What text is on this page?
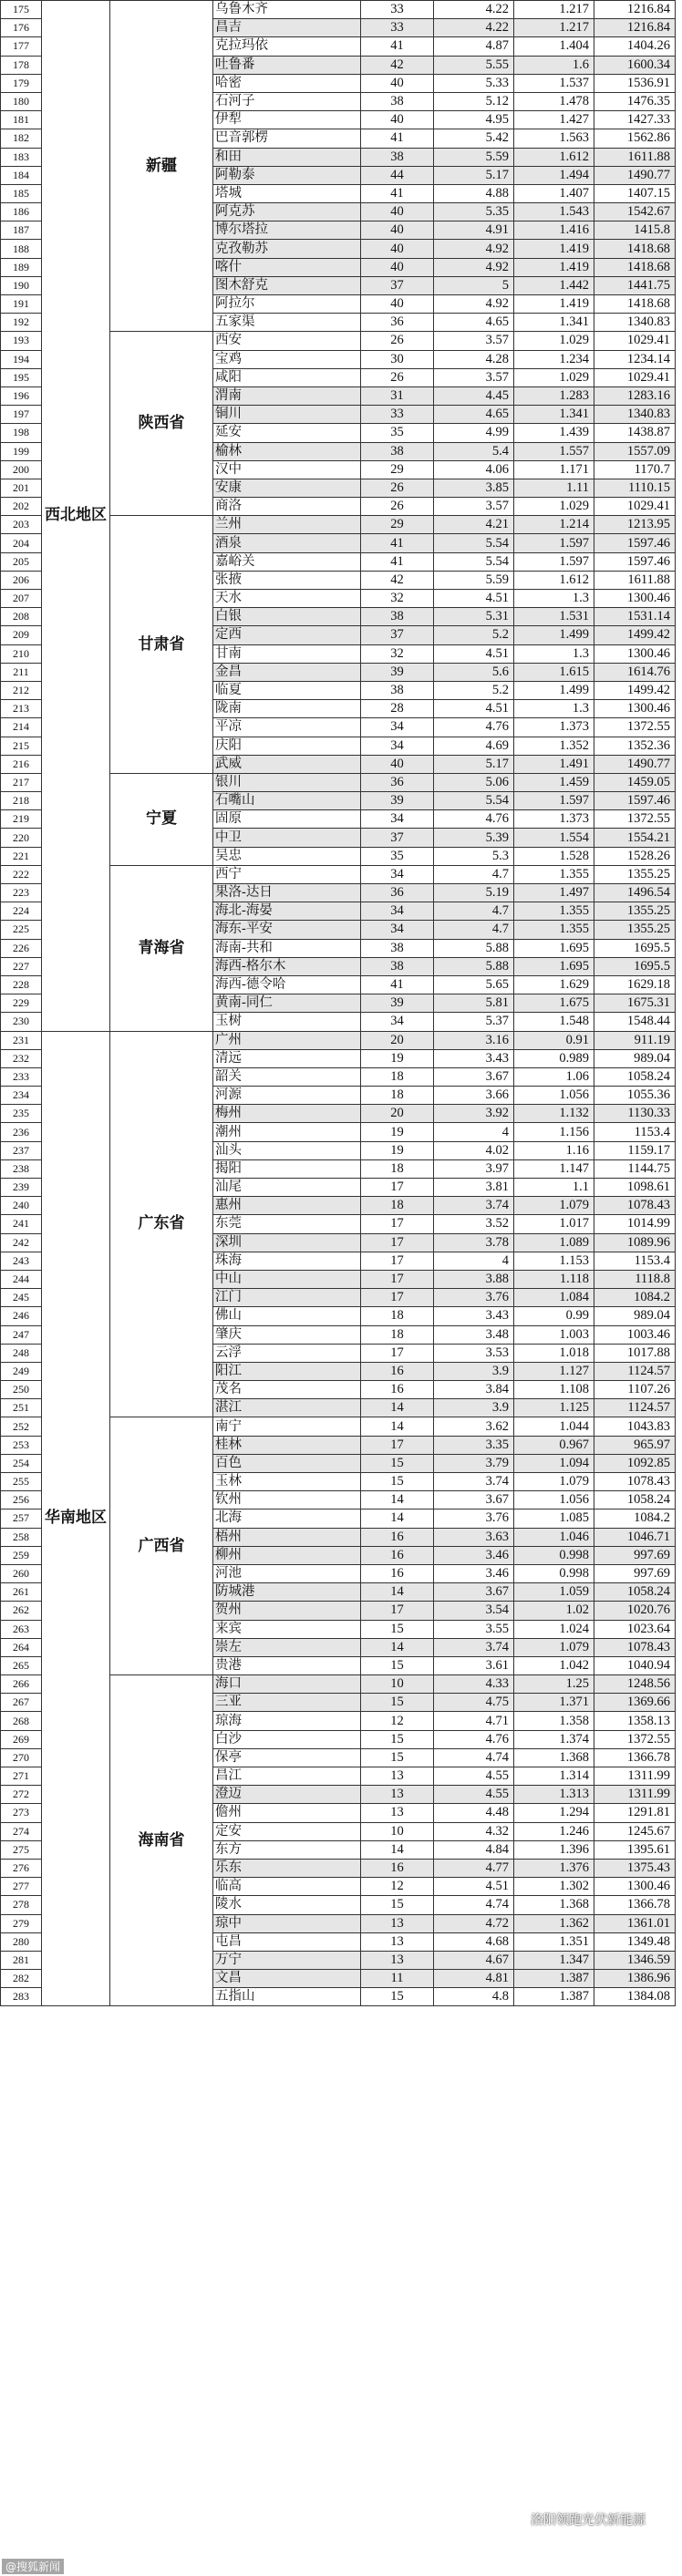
175	西北地区	新疆	乌鲁木齐	33	4.22	1.217	1216.84
176			昌吉	33	4.22	1.217	1216.84
177			克拉玛依	41	4.87	1.404	1404.26
178			吐鲁番	42	5.55	1.6	1600.34
179			哈密	40	5.33	1.537	1536.91
180			石河子	38	5.12	1.478	1476.35
181			伊犁	40	4.95	1.427	1427.33
182			巴音郭楞	41	5.42	1.563	1562.86
183			和田	38	5.59	1.612	1611.88
184			阿勒泰	44	5.17	1.494	1490.77
185			塔城	41	4.88	1.407	1407.15
186			阿克苏	40	5.35	1.543	1542.67
187			博尔塔拉	40	4.91	1.416	1415.8
188			克孜勒苏	40	4.92	1.419	1418.68
189			喀什	40	4.92	1.419	1418.68
190			图木舒克	37	5	1.442	1441.75
191			阿拉尔	40	4.92	1.419	1418.68
192			五家渠	36	4.65	1.341	1340.83
193		陕西省	西安	26	3.57	1.029	1029.41
194			宝鸡	30	4.28	1.234	1234.14
195			咸阳	26	3.57	1.029	1029.41
196			渭南	31	4.45	1.283	1283.16
197			铜川	33	4.65	1.341	1340.83
198			延安	35	4.99	1.439	1438.87
199			榆林	38	5.4	1.557	1557.09
200			汉中	29	4.06	1.171	1170.7
201			安康	26	3.85	1.11	1110.15
202			商洛	26	3.57	1.029	1029.41
203		甘肃省	兰州	29	4.21	1.214	1213.95
204			酒泉	41	5.54	1.597	1597.46
205			嘉峪关	41	5.54	1.597	1597.46
206			张掖	42	5.59	1.612	1611.88
207			天水	32	4.51	1.3	1300.46
208			白银	38	5.31	1.531	1531.14
209			定西	37	5.2	1.499	1499.42
210			甘南	32	4.51	1.3	1300.46
211			金昌	39	5.6	1.615	1614.76
212			临夏	38	5.2	1.499	1499.42
213			陇南	28	4.51	1.3	1300.46
214			平凉	34	4.76	1.373	1372.55
215			庆阳	34	4.69	1.352	1352.36
216			武威	40	5.17	1.491	1490.77
217		宁夏	银川	36	5.06	1.459	1459.05
218			石嘴山	39	5.54	1.597	1597.46
219			固原	34	4.76	1.373	1372.55
220			中卫	37	5.39	1.554	1554.21
221			吴忠	35	5.3	1.528	1528.26
222		青海省	西宁	34	4.7	1.355	1355.25
223			果洛-达日	36	5.19	1.497	1496.54
224			海北-海晏	34	4.7	1.355	1355.25
225			海东-平安	34	4.7	1.355	1355.25
226			海南-共和	38	5.88	1.695	1695.5
227			海西-格尔木	38	5.88	1.695	1695.5
228			海西-德令哈	41	5.65	1.629	1629.18
229			黄南-同仁	39	5.81	1.675	1675.31
230			玉树	34	5.37	1.548	1548.44
231	华南地区	广东省	广州	20	3.16	0.91	911.19
232			清远	19	3.43	0.989	989.04
233			韶关	18	3.67	1.06	1058.24
234			河源	18	3.66	1.056	1055.36
235			梅州	20	3.92	1.132	1130.33
236			潮州	19	4	1.156	1153.4
237			汕头	19	4.02	1.16	1159.17
238			揭阳	18	3.97	1.147	1144.75
239			汕尾	17	3.81	1.1	1098.61
240			惠州	18	3.74	1.079	1078.43
241			东莞	17	3.52	1.017	1014.99
242			深圳	17	3.78	1.089	1089.96
243			珠海	17	4	1.153	1153.4
244			中山	17	3.88	1.118	1118.8
245			江门	17	3.76	1.084	1084.2
246			佛山	18	3.43	0.99	989.04
247			肇庆	18	3.48	1.003	1003.46
248			云浮	17	3.53	1.018	1017.88
249			阳江	16	3.9	1.127	1124.57
250			茂名	16	3.84	1.108	1107.26
251			湛江	14	3.9	1.125	1124.57
252		广西省	南宁	14	3.62	1.044	1043.83
253			桂林	17	3.35	0.967	965.97
254			百色	15	3.79	1.094	1092.85
255			玉林	15	3.74	1.079	1078.43
256			钦州	14	3.67	1.056	1058.24
257			北海	14	3.76	1.085	1084.2
258			梧州	16	3.63	1.046	1046.71
259			柳州	16	3.46	0.998	997.69
260			河池	16	3.46	0.998	997.69
261			防城港	14	3.67	1.059	1058.24
262			贺州	17	3.54	1.02	1020.76
263			来宾	15	3.55	1.024	1023.64
264			崇左	14	3.74	1.079	1078.43
265			贵港	15	3.61	1.042	1040.94
266		海南省	海口	10	4.33	1.25	1248.56
267			三亚	15	4.75	1.371	1369.66
268			琼海	12	4.71	1.358	1358.13
269			白沙	15	4.76	1.374	1372.55
270			保亭	15	4.74	1.368	1366.78
271			昌江	13	4.55	1.314	1311.99
272			澄迈	13	4.55	1.313	1311.99
273			儋州	13	4.48	1.294	1291.81
274			定安	10	4.32	1.246	1245.67
275			东方	14	4.84	1.396	1395.61
276			乐东	16	4.77	1.376	1375.43
277			临高	12	4.51	1.302	1300.46
278			陵水	15	4.74	1.368	1366.78
279			琼中	13	4.72	1.362	1361.01
280			屯昌	13	4.68	1.351	1349.48
281			万宁	13	4.67	1.347	1346.59
282			文昌	11	4.81	1.387	1386.96
283			五指山	15	4.8	1.387	1384.08
@搜狐新闻
洛阳领跑光伏新能源
